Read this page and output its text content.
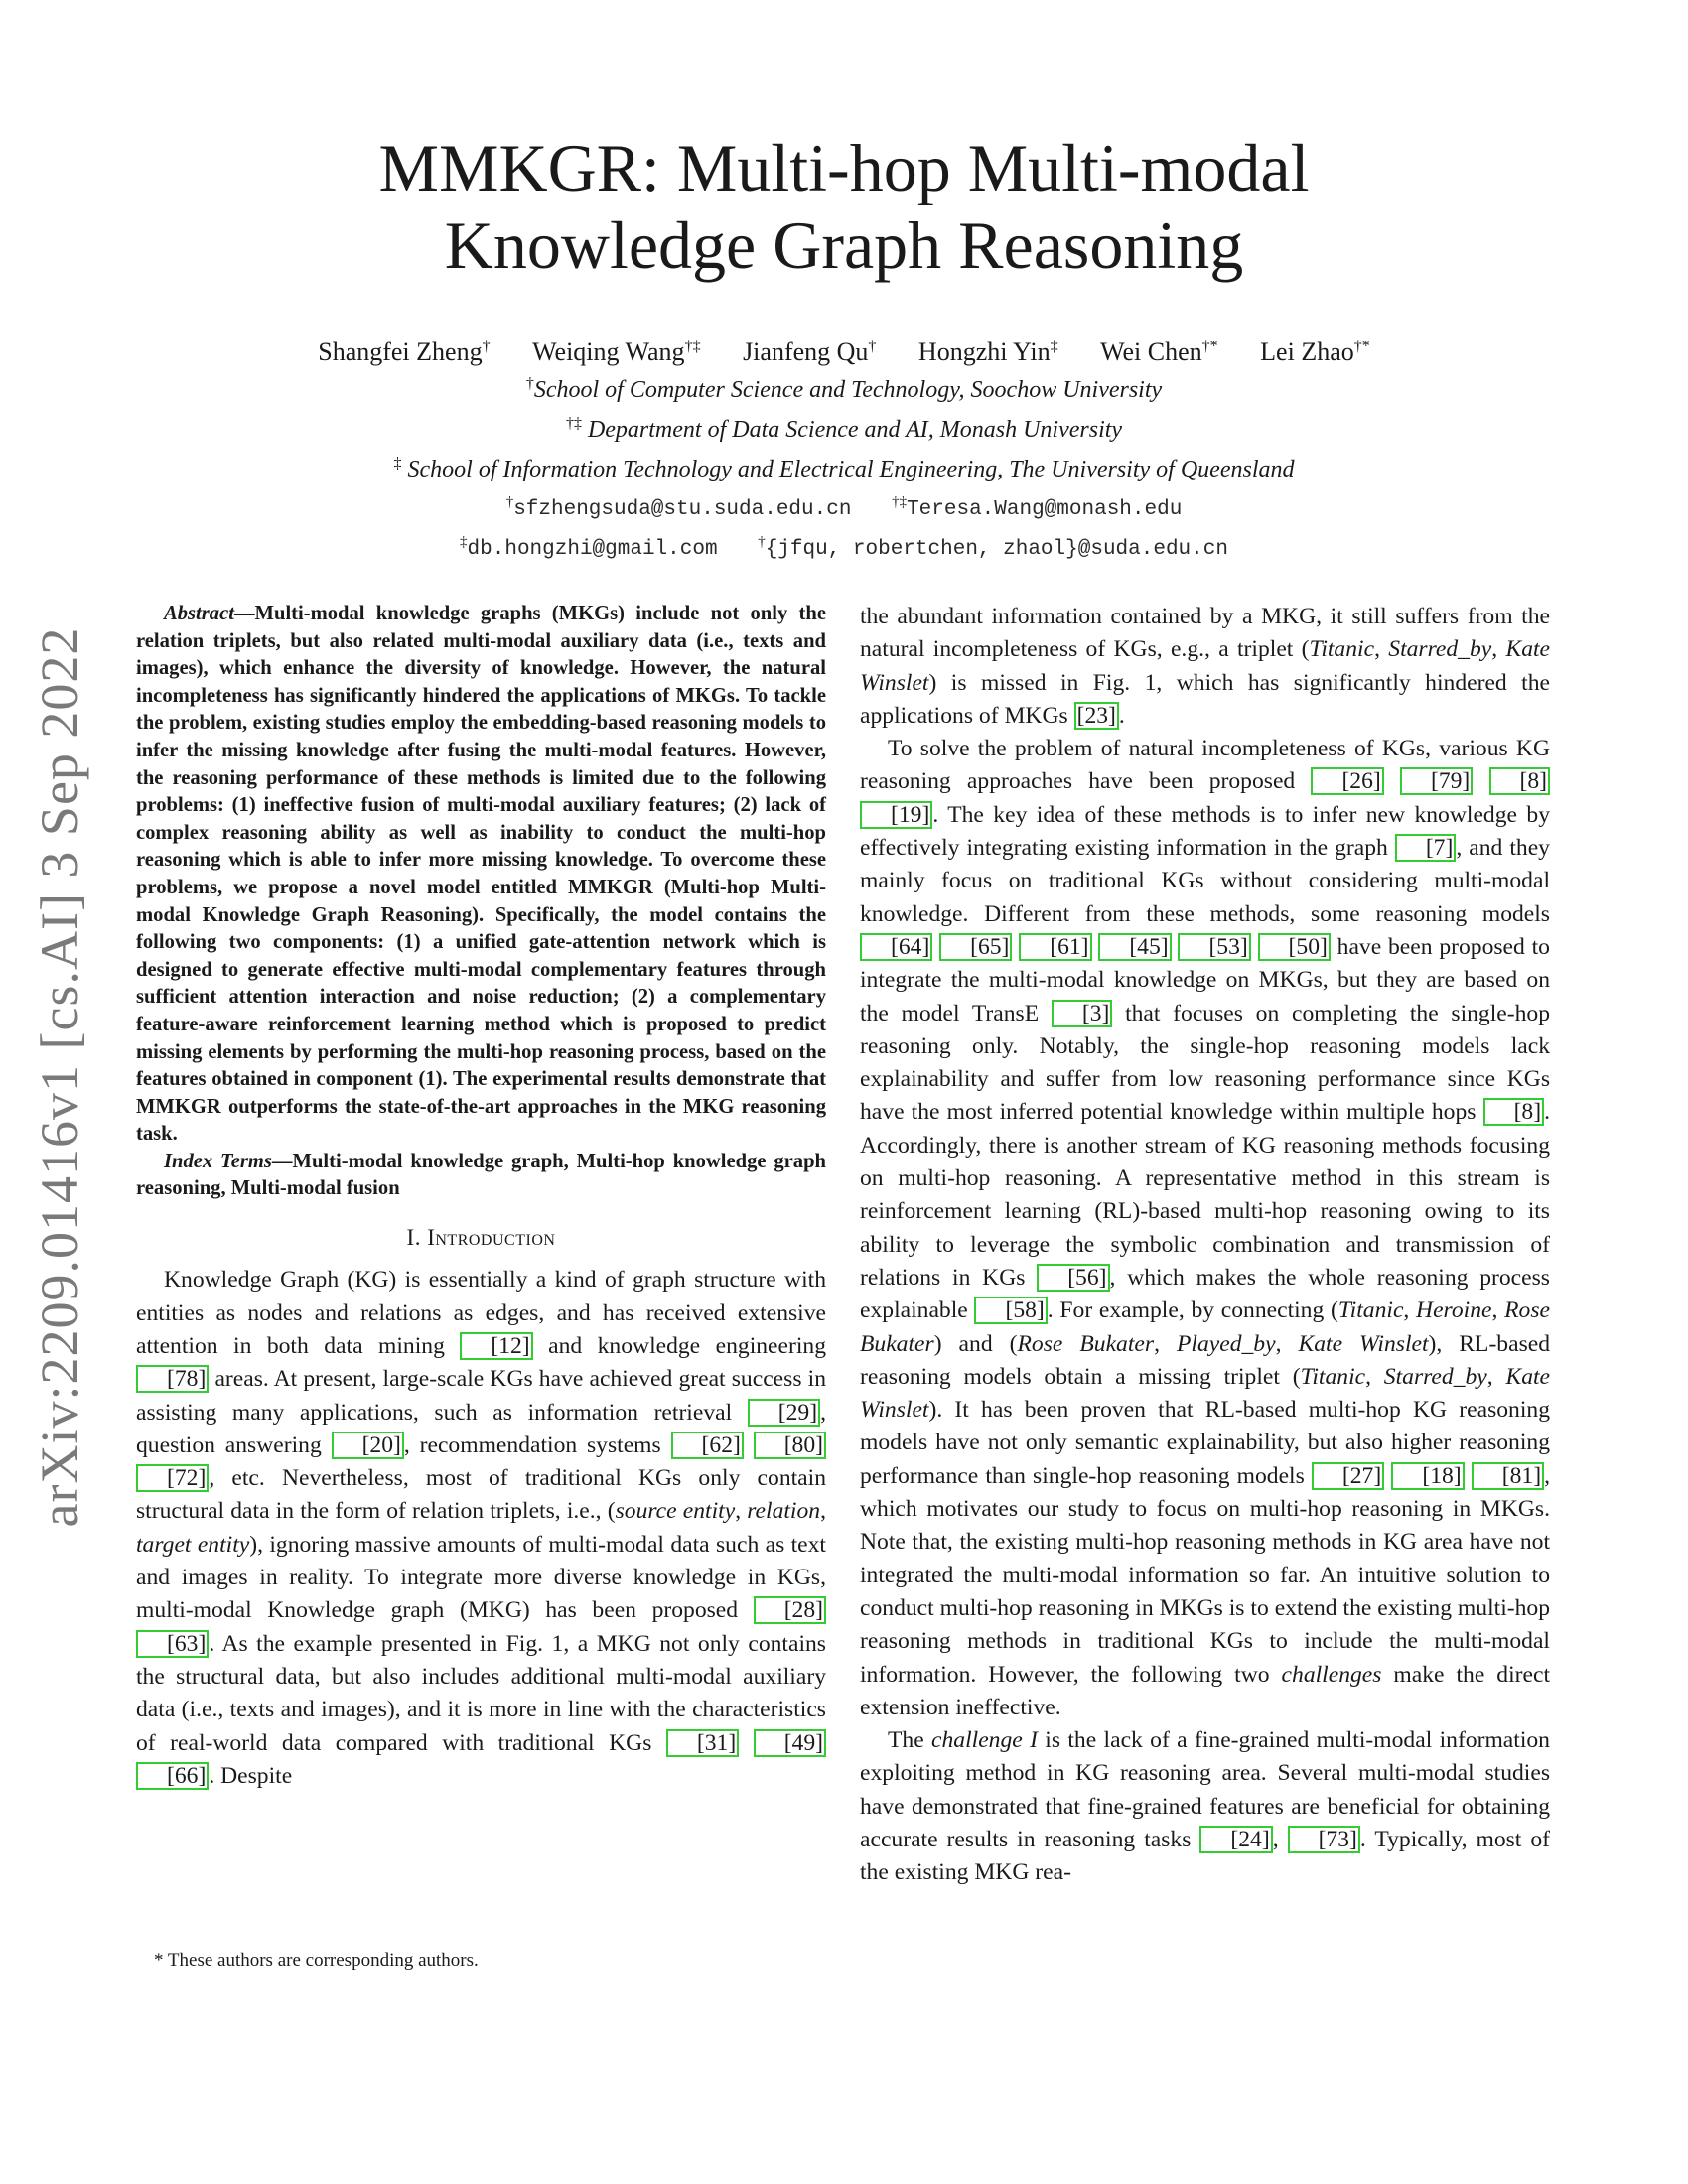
arXiv:2209.01416v1 [cs.AI] 3 Sep 2022
MMKGR: Multi-hop Multi-modal
Knowledge Graph Reasoning
Shangfei Zheng† Weiqing Wang†‡ Jianfeng Qu† Hongzhi Yin‡ Wei Chen†* Lei Zhao†*
†School of Computer Science and Technology, Soochow University
†‡ Department of Data Science and AI, Monash University
‡ School of Information Technology and Electrical Engineering, The University of Queensland
†sfzhengsuda@stu.suda.edu.cn	†‡Teresa.Wang@monash.edu
‡db.hongzhi@gmail.com	†{jfqu, robertchen, zhaol}@suda.edu.cn

Abstract—Multi-modal knowledge graphs (MKGs) include not only the relation triplets, but also related multi-modal auxiliary data (i.e., texts and images), which enhance the diversity of knowledge. However, the natural incompleteness has significantly hindered the applications of MKGs. To tackle the problem, existing studies employ the embedding-based reasoning models to infer the missing knowledge after fusing the multi-modal features. However, the reasoning performance of these methods is limited due to the following problems: (1) ineffective fusion of multi-modal auxiliary features; (2) lack of complex reasoning ability as well as inability to conduct the multi-hop reasoning which is able to infer more missing knowledge. To overcome these problems, we propose a novel model entitled MMKGR (Multi-hop Multi-modal Knowledge Graph Reasoning). Specifically, the model contains the following two components: (1) a unified gate-attention network which is designed to generate effective multi-modal complementary features through sufficient attention interaction and noise reduction; (2) a complementary feature-aware reinforcement learning method which is proposed to predict missing elements by performing the multi-hop reasoning process, based on the features obtained in component (1). The experimental results demonstrate that MMKGR outperforms the state-of-the-art approaches in the MKG reasoning task.

Index Terms—Multi-modal knowledge graph, Multi-hop knowledge graph reasoning, Multi-modal fusion

I. Introduction

Knowledge Graph (KG) is essentially a kind of graph structure with entities as nodes and relations as edges, and has received extensive attention in both data mining [12] and knowledge engineering [78] areas. At present, large-scale KGs have achieved great success in assisting many applications, such as information retrieval [29] , question answering [20] , recommendation systems [62] [80] [72] , etc. Nevertheless, most of traditional KGs only contain structural data in the form of relation triplets, i.e., (source entity, relation, target entity), ignoring massive amounts of multi-modal data such as text and images in reality. To integrate more diverse knowledge in KGs, multi-modal Knowledge graph (MKG) has been proposed [28] [63] . As the example presented in Fig. 1, a MKG not only contains the structural data, but also includes additional multi-modal auxiliary data (i.e., texts and images), and it is more in line with the characteristics of real-world data compared with traditional KGs [31] [49] [66] . Despite

the abundant information contained by a MKG, it still suffers from the natural incompleteness of KGs, e.g., a triplet (Titanic, Starred_by, Kate Winslet) is missed in Fig. 1, which has significantly hindered the applications of MKGs [23] .

To solve the problem of natural incompleteness of KGs, various KG reasoning approaches have been proposed [26] [79] [8] [19] . The key idea of these methods is to infer new knowledge by effectively integrating existing information in the graph [7] , and they mainly focus on traditional KGs without considering multi-modal knowledge. Different from these methods, some reasoning models [64] [65] [61] [45] [53] [50] have been proposed to integrate the multi-modal knowledge on MKGs, but they are based on the model TransE [3] that focuses on completing the single-hop reasoning only. Notably, the single-hop reasoning models lack explainability and suffer from low reasoning performance since KGs have the most inferred potential knowledge within multiple hops [8] . Accordingly, there is another stream of KG reasoning methods focusing on multi-hop reasoning. A representative method in this stream is reinforcement learning (RL)-based multi-hop reasoning owing to its ability to leverage the symbolic combination and transmission of relations in KGs [56] , which makes the whole reasoning process explainable [58] . For example, by connecting (Titanic, Heroine, Rose Bukater) and (Rose Bukater, Played_by, Kate Winslet), RL-based reasoning models obtain a missing triplet (Titanic, Starred_by, Kate Winslet). It has been proven that RL-based multi-hop KG reasoning models have not only semantic explainability, but also higher reasoning performance than single-hop reasoning models [27] [18] [81] , which motivates our study to focus on multi-hop reasoning in MKGs. Note that, the existing multi-hop reasoning methods in KG area have not integrated the multi-modal information so far. An intuitive solution to conduct multi-hop reasoning in MKGs is to extend the existing multi-hop reasoning methods in traditional KGs to include the multi-modal information. However, the following two challenges make the direct extension ineffective.

The challenge I is the lack of a fine-grained multi-modal information exploiting method in KG reasoning area. Several multi-modal studies have demonstrated that fine-grained features are beneficial for obtaining accurate results in reasoning tasks [24] , [73] . Typically, most of the existing MKG rea-

* These authors are corresponding authors.
